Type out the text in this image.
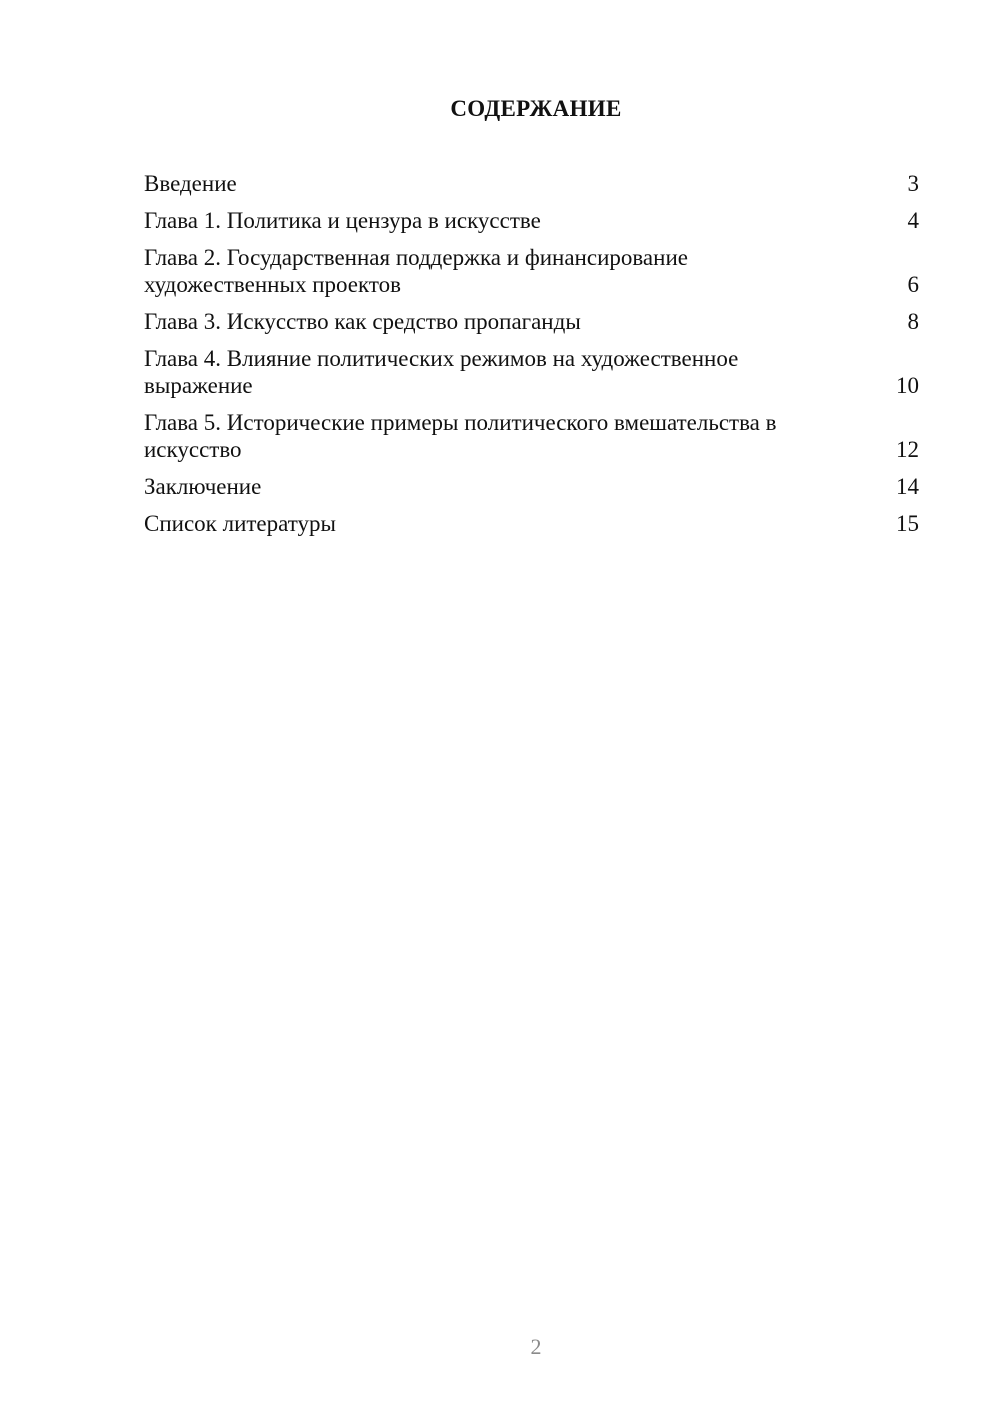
СОДЕРЖАНИЕ
Введение	3
Глава 1. Политика и цензура в искусстве	4
Глава 2. Государственная поддержка и финансирование художественных проектов	6
Глава 3. Искусство как средство пропаганды	8
Глава 4. Влияние политических режимов на художественное выражение	10
Глава 5. Исторические примеры политического вмешательства в искусство	12
Заключение	14
Список литературы	15
2
